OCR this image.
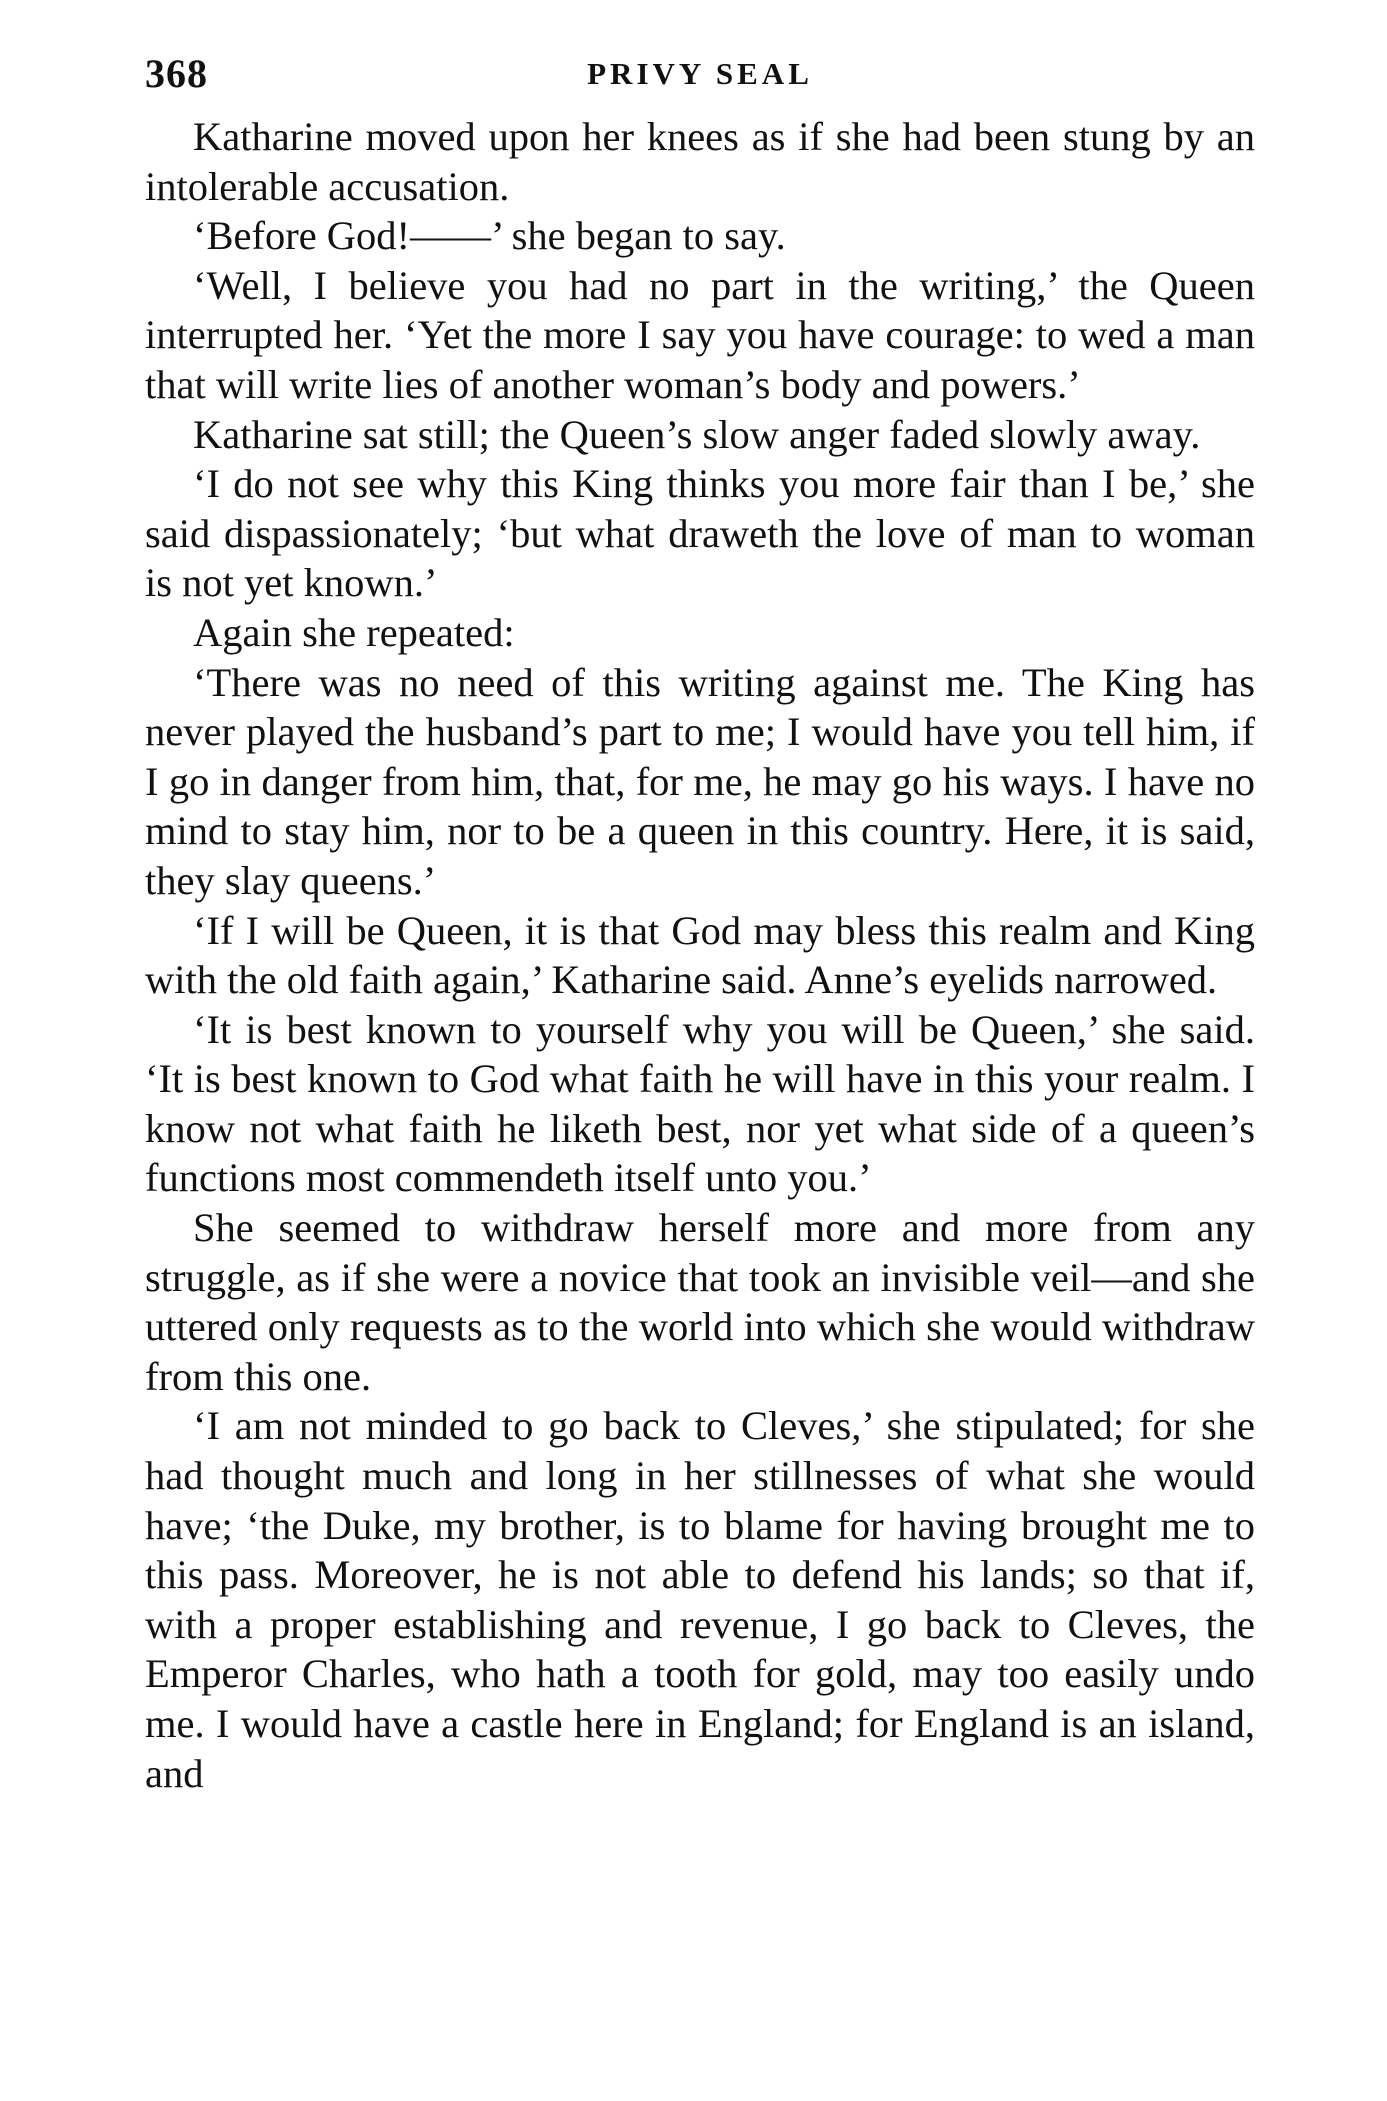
368	PRIVY SEAL

Katharine moved upon her knees as if she had been stung by an intolerable accusation.

‘Before God!——’ she began to say.

‘Well, I believe you had no part in the writing,’ the Queen interrupted her. ‘Yet the more I say you have courage: to wed a man that will write lies of another woman’s body and powers.’

Katharine sat still; the Queen’s slow anger faded slowly away.

‘I do not see why this King thinks you more fair than I be,’ she said dispassionately; ‘but what draweth the love of man to woman is not yet known.’

Again she repeated:

‘There was no need of this writing against me. The King has never played the husband’s part to me; I would have you tell him, if I go in danger from him, that, for me, he may go his ways. I have no mind to stay him, nor to be a queen in this country. Here, it is said, they slay queens.’

‘If I will be Queen, it is that God may bless this realm and King with the old faith again,’ Katharine said. Anne’s eyelids narrowed.

‘It is best known to yourself why you will be Queen,’ she said. ‘It is best known to God what faith he will have in this your realm. I know not what faith he liketh best, nor yet what side of a queen’s functions most commendeth itself unto you.’

She seemed to withdraw herself more and more from any struggle, as if she were a novice that took an invisible veil—and she uttered only requests as to the world into which she would withdraw from this one.

‘I am not minded to go back to Cleves,’ she stipulated; for she had thought much and long in her stillnesses of what she would have; ‘the Duke, my brother, is to blame for having brought me to this pass. Moreover, he is not able to defend his lands; so that if, with a proper establishing and revenue, I go back to Cleves, the Emperor Charles, who hath a tooth for gold, may too easily undo me. I would have a castle here in England; for England is an island, and
